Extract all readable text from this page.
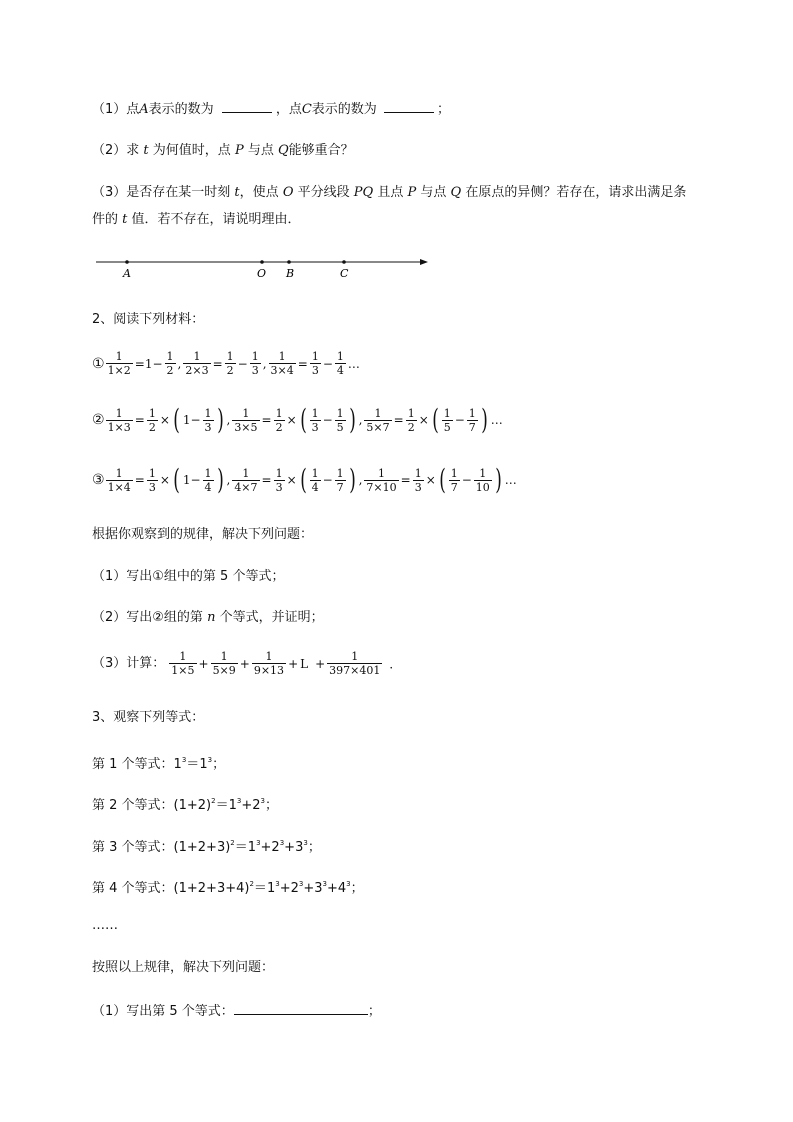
（1）点A表示的数为	，点C表示的数为	；
（2）求 t 为何值时，点 P 与点 Q能够重合？
（3）是否存在某一时刻 t，使点 O 平分线段 PQ 且点 P 与点 Q 在原点的异侧？若存在，请求出满足条
件的 t 值．若不存在，请说明理由．
A	O B	C
2、阅读下列材料：
① $\frac{1}{1\times 2} =1- \frac{1}{2}$ , $\frac{1}{2\times 3} = \frac{1}{2} - \frac{1}{3}$ , $\frac{1}{3\times 4} = \frac{1}{3} - \frac{1}{4}$ …
② $\frac{1}{1\times 3} = \frac{1}{2}$ × ( $1- \frac{1}{3}$ ) , $\frac{1}{3\times 5} = \frac{1}{2}$ × ( $\frac{1}{3} - \frac{1}{5}$ ) , $\frac{1}{5\times 7} = \frac{1}{2}$ × ( $\frac{1}{5} - \frac{1}{7}$ ) …
③ $\frac{1}{1\times 4} = \frac{1}{3}$ × ( $1- \frac{1}{4}$ ) , $\frac{1}{4\times 7} = \frac{1}{3}$ × ( $\frac{1}{4} - \frac{1}{7}$ ) , $\frac{1}{7\times 10} = \frac{1}{3}$ × ( $\frac{1}{7} - \frac{1}{10}$ ) …
根据你观察到的规律，解决下列问题：
（1）写出①组中的第 5 个等式；
（2）写出②组的第 n 个等式，并证明；
（3）计算： $\frac{1}{1\times 5} + \frac{1}{5\times 9} + \frac{1}{9\times 13} + L + \frac{1}{397\times 401}$ ．
3、观察下列等式：
第 1 个等式：$1^3=1^3$；
第 2 个等式：$(1+2)^2=1^3+2^3$；
第 3 个等式：$(1+2+3)^2=1^3+2^3+3^3$；
第 4 个等式：$(1+2+3+4)^2=1^3+2^3+3^3+4^3$；
……
按照以上规律，解决下列问题：
（1）写出第 5 个等式：	；
